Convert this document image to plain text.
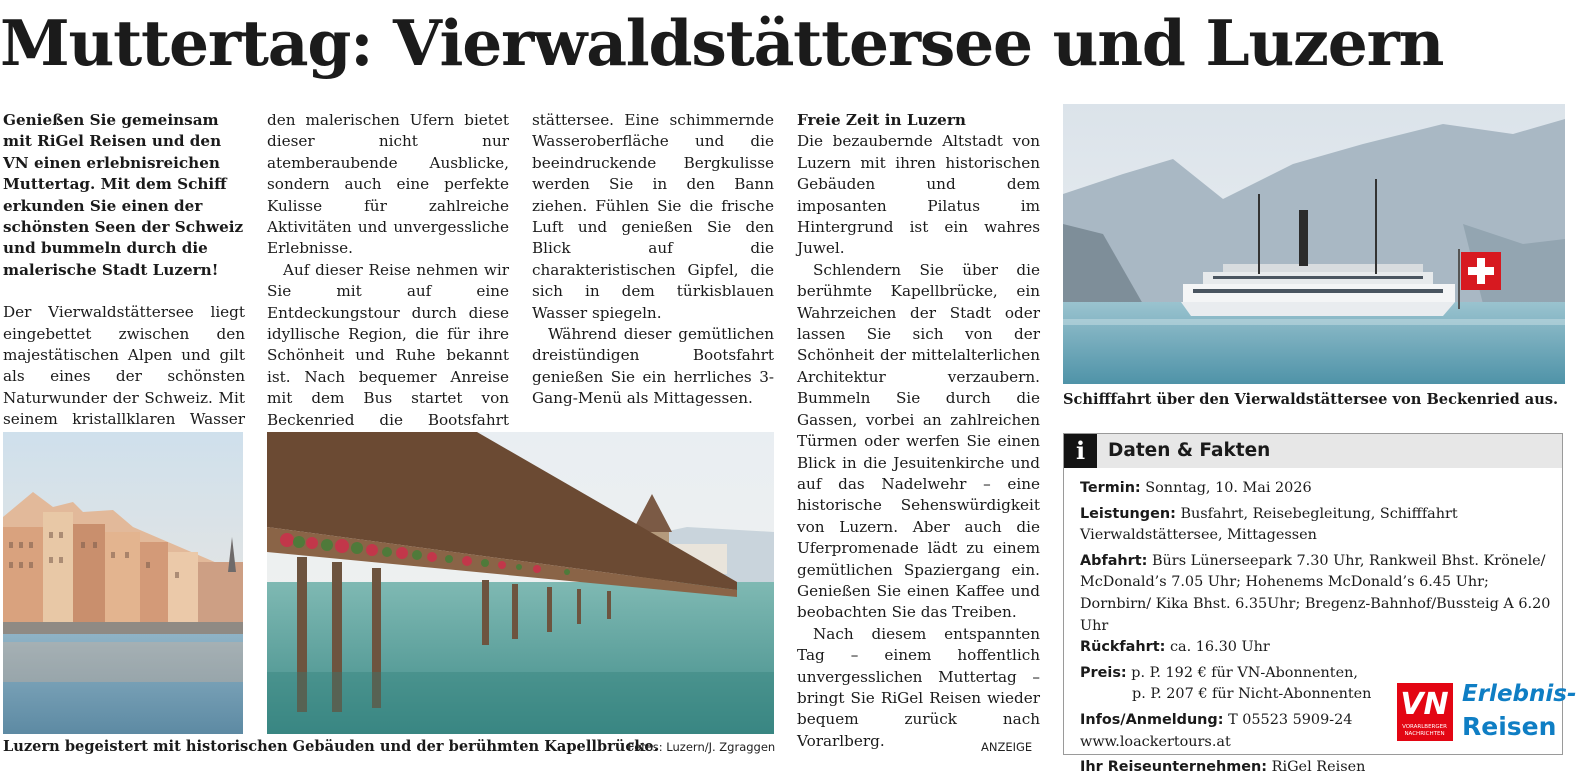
Muttertag: Vierwaldstättersee und Luzern

Genießen Sie gemeinsam mit RiGel Reisen und den VN einen erlebnisreichen Muttertag. Mit dem Schiff erkunden Sie einen der schönsten Seen der Schweiz und bummeln durch die malerische Stadt Luzern!

Der Vierwaldstättersee liegt eingebettet zwischen den majestätischen Alpen und gilt als eines der schönsten Naturwunder der Schweiz. Mit seinem kristallklaren Wasser

den malerischen Ufern bietet dieser nicht nur atemberaubende Ausblicke, sondern auch eine perfekte Kulisse für zahlreiche Aktivitäten und unvergessliche Erlebnisse.

Auf dieser Reise nehmen wir Sie mit auf eine Entdeckungstour durch diese idyllische Region, die für ihre Schönheit und Ruhe bekannt ist. Nach bequemer Anreise mit dem Bus startet von Beckenried die Bootsfahrt

stättersee. Eine schimmernde Wasseroberfläche und die beeindruckende Bergkulisse werden Sie in den Bann ziehen. Fühlen Sie die frische Luft und genießen Sie den Blick auf die charakteristischen Gipfel, die sich in dem türkisblauen Wasser spiegeln.

Während dieser gemütlichen dreistündigen Bootsfahrt genießen Sie ein herrliches 3-Gang-Menü als Mittagessen.

Freie Zeit in Luzern

Die bezaubernde Altstadt von Luzern mit ihren historischen Gebäuden und dem imposanten Pilatus im Hintergrund ist ein wahres Juwel.

Schlendern Sie über die berühmte Kapellbrücke, ein Wahrzeichen der Stadt oder lassen Sie sich von der Schönheit der mittelalterlichen Architektur verzaubern. Bummeln Sie durch die Gassen, vorbei an zahlreichen Türmen oder werfen Sie einen Blick in die Jesuitenkirche und auf das Nadelwehr – eine historische Sehenswürdigkeit von Luzern. Aber auch die Uferpromenade lädt zu einem gemütlichen Spaziergang ein. Genießen Sie einen Kaffee und beobachten Sie das Treiben.

Nach diesem entspannten Tag – einem hoffentlich unvergesslichen Muttertag – bringt Sie RiGel Reisen wieder bequem zurück nach Vorarlberg.	ANZEIGE
Luzern begeistert mit historischen Gebäuden und der berühmten Kapellbrücke.
Fotos: Luzern/J. Zgraggen
Schifffahrt über den Vierwaldstättersee von Beckenried aus.
i	Daten & Fakten

Termin: Sonntag, 10. Mai 2026

Leistungen: Busfahrt, Reisebegleitung, Schifffahrt Vierwaldstättersee, Mittagessen

Abfahrt: Bürs Lünerseepark 7.30 Uhr, Rankweil Bhst. Krönele/ McDonald’s 7.05 Uhr; Hohenems McDonald’s 6.45 Uhr; Dornbirn/ Kika Bhst. 6.35Uhr; Bregenz-Bahnhof/Bussteig A 6.20 Uhr

Rückfahrt: ca. 16.30 Uhr

Preis: p. P. 192 € für VN-Abonnenten,

p. P. 207 € für Nicht-Abonnenten

Infos/Anmeldung: T 05523 5909-24

www.loackertours.at

Ihr Reiseunternehmen: RiGel Reisen

VN
VORARLBERGER
NACHRICHTEN
Erlebnis-
Reisen
